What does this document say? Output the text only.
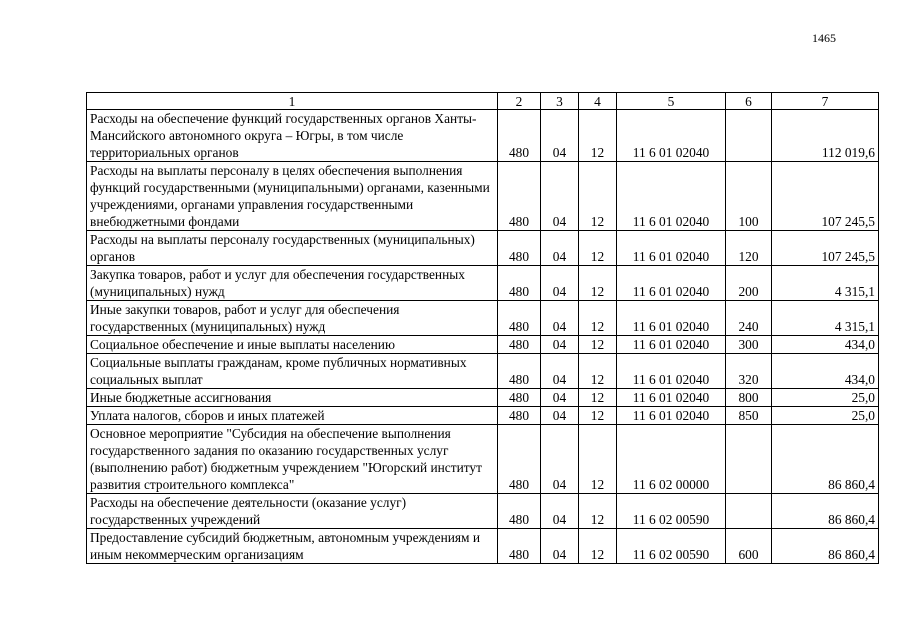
1465
1	2	3	4	5	6	7
Расходы на обеспечение функций государственных органов Ханты-Мансийского автономного округа – Югры, в том числе территориальных органов	480	04	12	11 6 01 02040		112 019,6
Расходы на выплаты персоналу в целях обеспечения выполнения функций государственными (муниципальными) органами, казенными учреждениями, органами управления государственными внебюджетными фондами	480	04	12	11 6 01 02040	100	107 245,5
Расходы на выплаты персоналу государственных (муниципальных) органов	480	04	12	11 6 01 02040	120	107 245,5
Закупка товаров, работ и услуг для обеспечения государственных (муниципальных) нужд	480	04	12	11 6 01 02040	200	4 315,1
Иные закупки товаров, работ и услуг для обеспечения государственных (муниципальных) нужд	480	04	12	11 6 01 02040	240	4 315,1
Социальное обеспечение и иные выплаты населению	480	04	12	11 6 01 02040	300	434,0
Социальные выплаты гражданам, кроме публичных нормативных социальных выплат	480	04	12	11 6 01 02040	320	434,0
Иные бюджетные ассигнования	480	04	12	11 6 01 02040	800	25,0
Уплата налогов, сборов и иных платежей	480	04	12	11 6 01 02040	850	25,0
Основное мероприятие "Субсидия на обеспечение выполнения государственного задания по оказанию государственных услуг (выполнению работ) бюджетным учреждением "Югорский институт развития строительного комплекса"	480	04	12	11 6 02 00000		86 860,4
Расходы на обеспечение деятельности (оказание услуг) государственных учреждений	480	04	12	11 6 02 00590		86 860,4
Предоставление субсидий бюджетным, автономным учреждениям и иным некоммерческим организациям	480	04	12	11 6 02 00590	600	86 860,4
